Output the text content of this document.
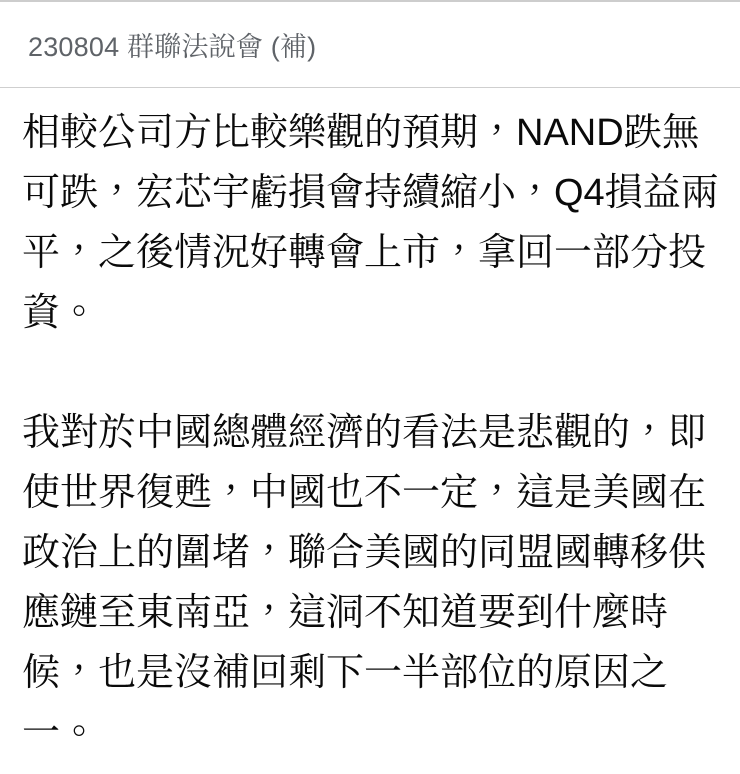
230804 群聯法說會 (補)

相較公司方比較樂觀的預期，NAND跌無可跌，宏芯宇虧損會持續縮小，Q4損益兩平，之後情況好轉會上市，拿回一部分投資。

我對於中國總體經濟的看法是悲觀的，即使世界復甦，中國也不一定，這是美國在政治上的圍堵，聯合美國的同盟國轉移供應鏈至東南亞，這洞不知道要到什麼時候，也是沒補回剩下一半部位的原因之一。
